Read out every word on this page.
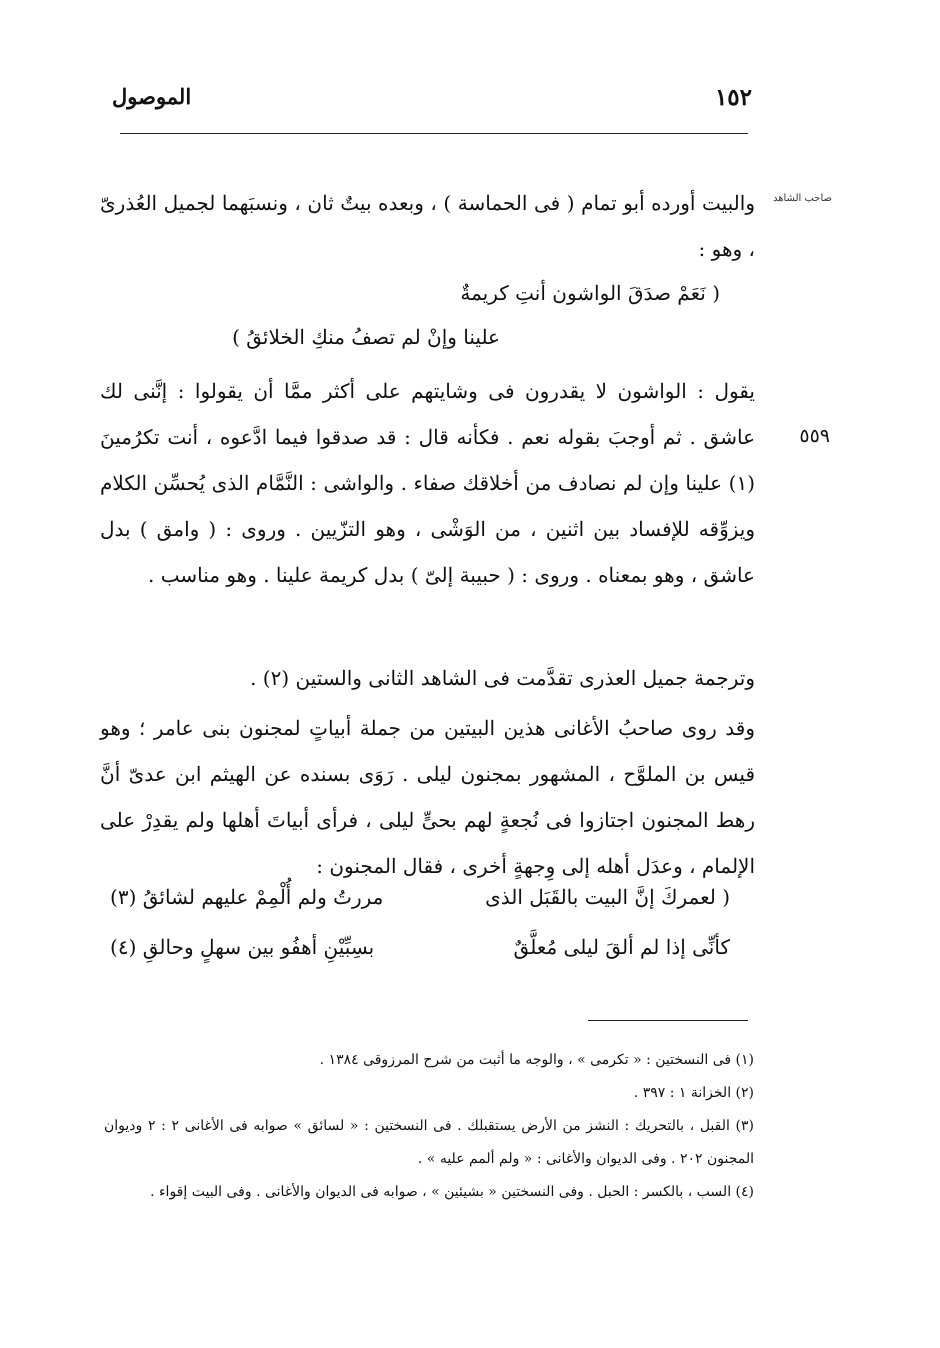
١٥٢
الموصول
صاحب الشاهد
٥٥٩

والبيت أورده أبو تمام ( فى الحماسة ) ، وبعده بيتٌ ثان ، ونسبَهما لجميل العُذرىّ ، وهو :

( نَعَمْ صدَقَ الواشون أنتِ كريمةٌ
علينا وإنْ لم تصفُ منكِ الخلائقُ )

يقول : الواشون لا يقدرون فى وشايتهم على أكثر ممَّا أن يقولوا : إنَّنى لك عاشق . ثم أوجبَ بقوله نعم . فكأنه قال : قد صدقوا فيما ادَّعوه ، أنت تكرُمينَ (١) علينا وإن لم نصادف من أخلاقك صفاء . والواشى : النَّمَّام الذى يُحسِّن الكلام ويزوِّقه للإفساد بين اثنين ، من الوَشْى ، وهو التزّيين . وروى : ( وامق ) بدل عاشق ، وهو بمعناه . وروى : ( حبيبة إلىّ ) بدل كريمة علينا . وهو مناسب .

وترجمة جميل العذرى تقدَّمت فى الشاهد الثانى والستين (٢) .

وقد روى صاحبُ الأغانى هذين البيتين من جملة أبياتٍ لمجنون بنى عامر ؛ وهو قيس بن الملوَّح ، المشهور بمجنون ليلى . رَوَى بسنده عن الهيثم ابن عدىّ أنَّ رهط المجنون اجتازوا فى نُجعةٍ لهم بحىٍّ ليلى ، فرأى أبياتَ أهلها ولم يقدِرْ على الإلمام ، وعدَل أهله إلى وِجهةٍ أخرى ، فقال المجنون :

( لعمركَ إنَّ البيت بالقَبَل الذى
مررتُ ولم أُلْمِمْ عليهم لشائقُ (٣)
كأنِّى إذا لم ألقَ ليلى مُعلَّقٌ
بسِبِّيْنِ أهفُو بين سهلٍ وحالقِ (٤)

(١) فى النسختين : « تكرمى » ، والوجه ما أثبت من شرح المرزوقى ١٣٨٤ .

(٢) الخزانة ١ : ٣٩٧ .

(٣) القبل ، بالتحريك : النشز من الأرض يستقبلك . فى النسختين : « لسائق » صوابه فى الأغانى ٢ : ٢ وديوان المجنون ٢٠٢ . وفى الديوان والأغانى : « ولم ألمم عليه » .

(٤) السب ، بالكسر : الحبل . وفى النسختين « بشيئين » ، صوابه فى الديوان والأغانى . وفى البيت إقواء .
